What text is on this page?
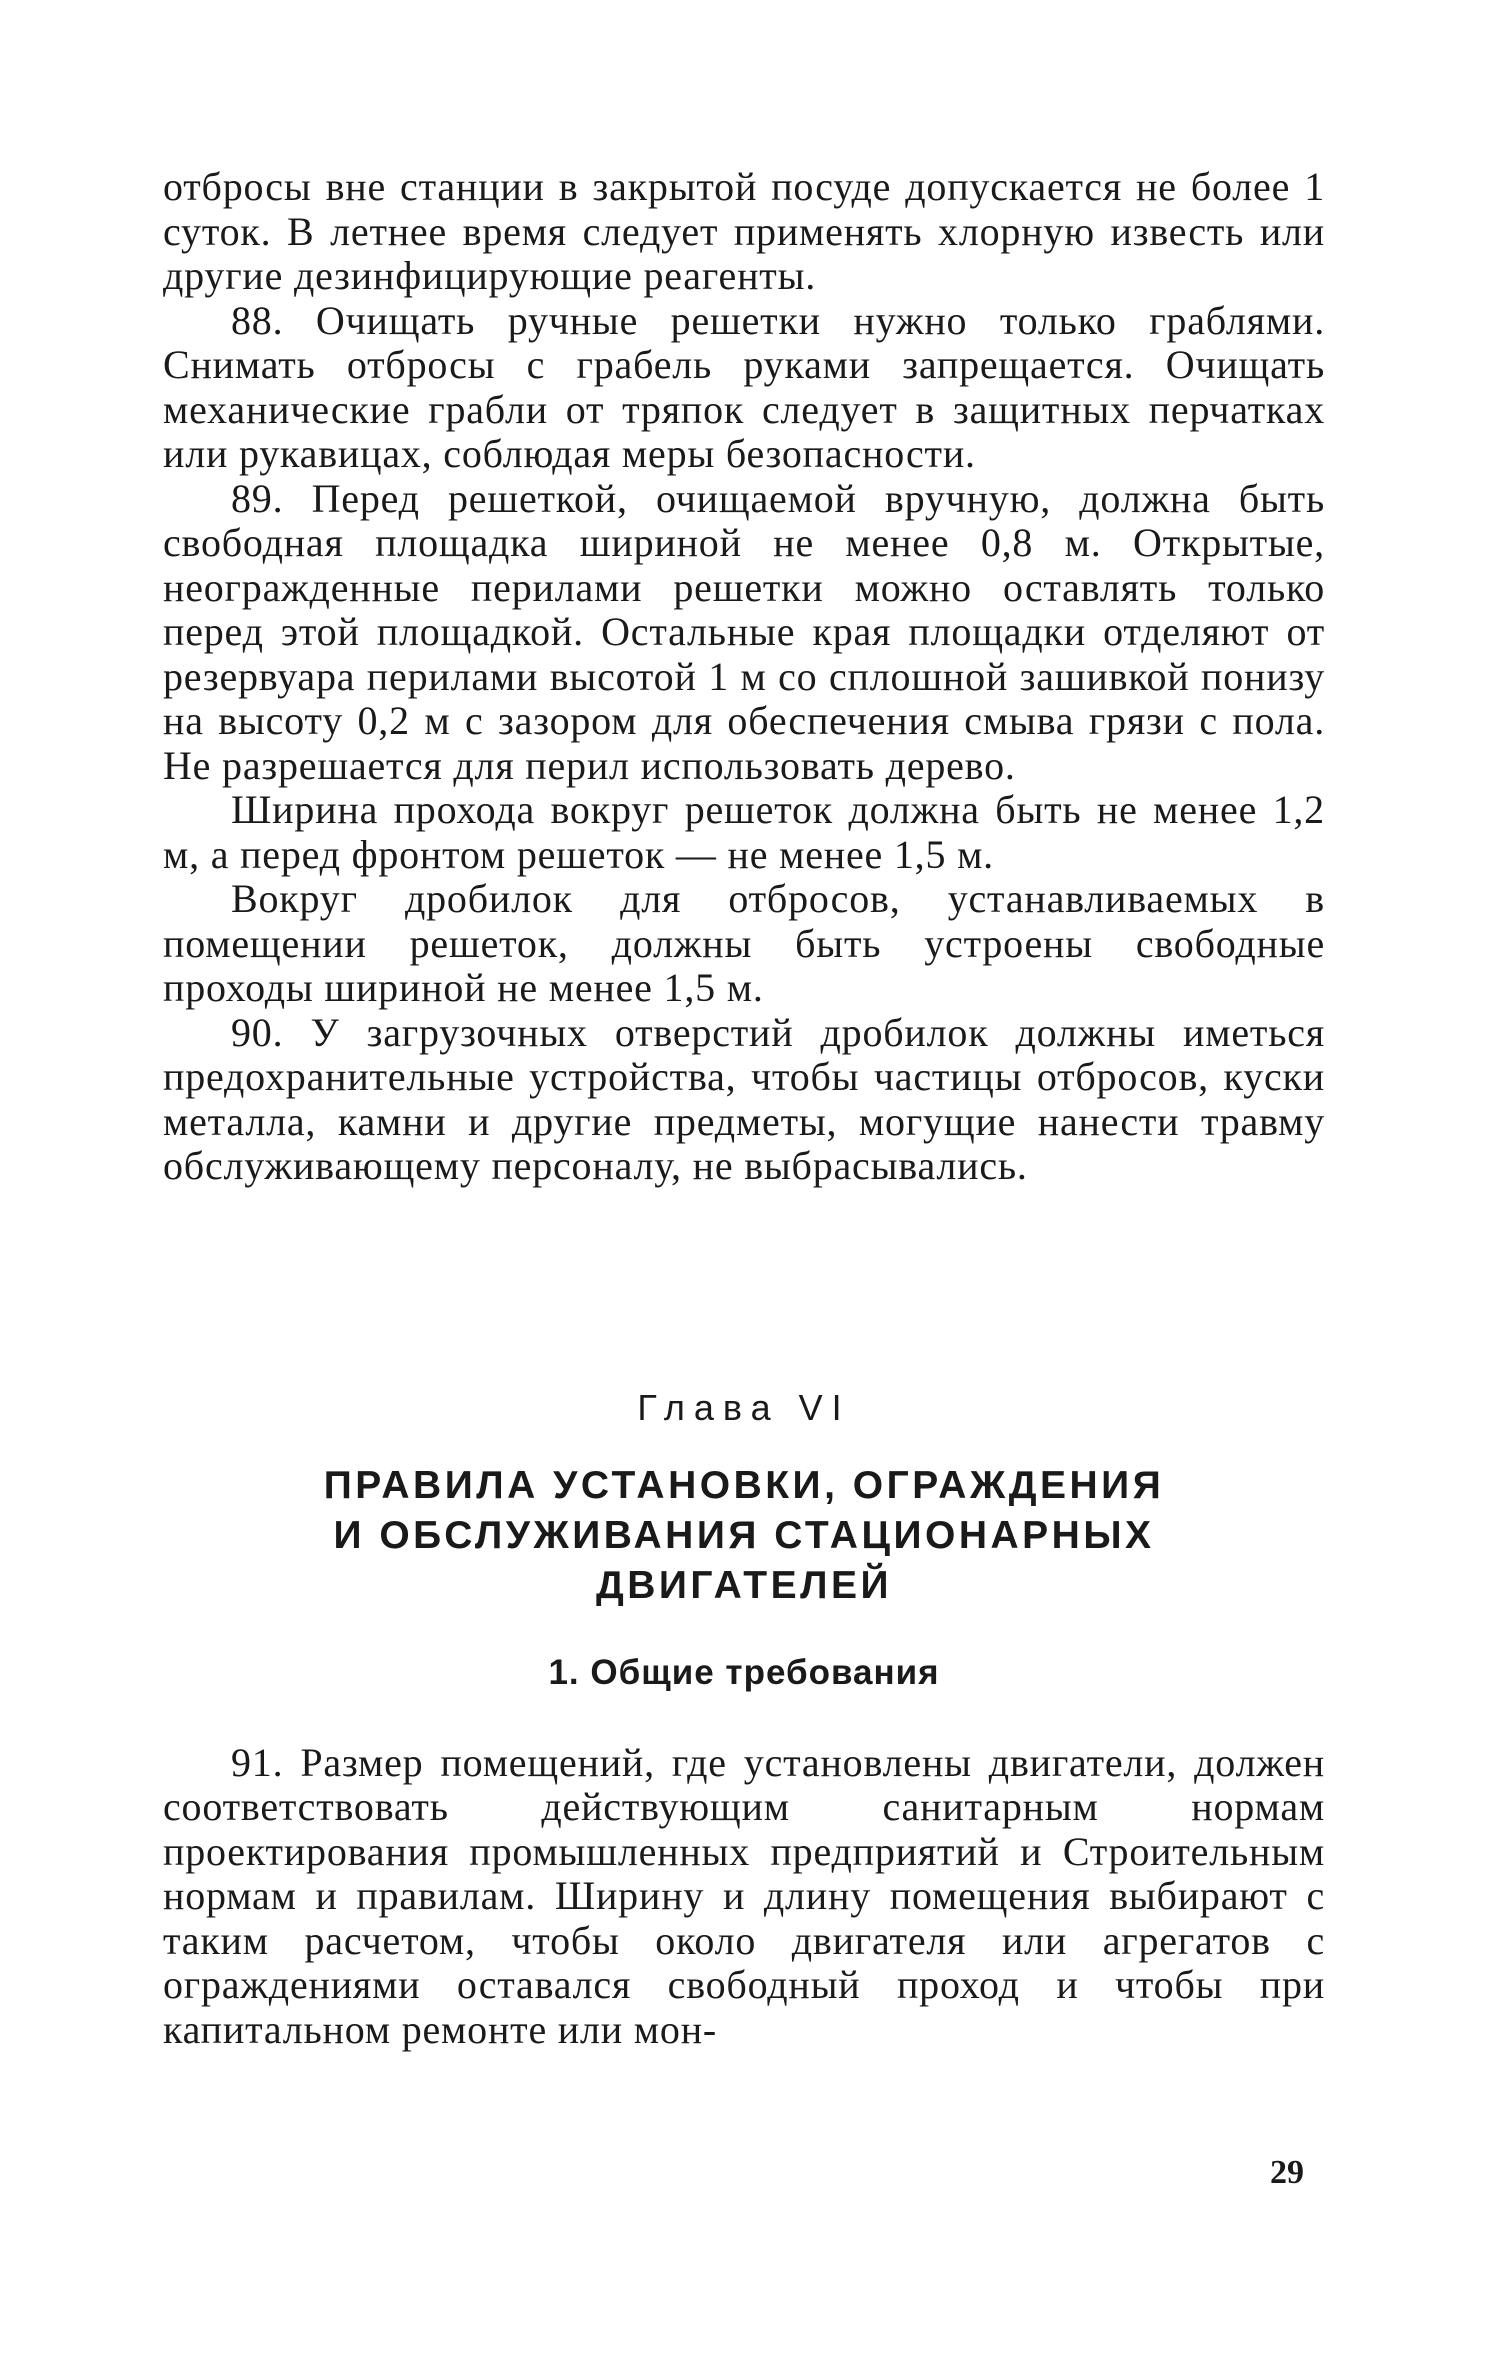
отбросы вне станции в закрытой посуде допускается не более 1 суток. В летнее время следует применять хлорную известь или другие дезинфицирующие реагенты.

88. Очищать ручные решетки нужно только граблями. Снимать отбросы с грабель руками запрещается. Очищать механические грабли от тряпок следует в защитных перчатках или рукавицах, соблюдая меры безопасности.

89. Перед решеткой, очищаемой вручную, должна быть свободная площадка шириной не менее 0,8 м. Открытые, неогражденные перилами решетки можно оставлять только перед этой площадкой. Остальные края площадки отделяют от резервуара перилами высотой 1 м со сплошной зашивкой понизу на высоту 0,2 м с зазором для обеспечения смыва грязи с пола. Не разрешается для перил использовать дерево.

Ширина прохода вокруг решеток должна быть не менее 1,2 м, а перед фронтом решеток — не менее 1,5 м.

Вокруг дробилок для отбросов, устанавливаемых в помещении решеток, должны быть устроены свободные проходы шириной не менее 1,5 м.

90. У загрузочных отверстий дробилок должны иметься предохранительные устройства, чтобы частицы отбросов, куски металла, камни и другие предметы, могущие нанести травму обслуживающему персоналу, не выбрасывались.

Глава VI

ПРАВИЛА УСТАНОВКИ, ОГРАЖДЕНИЯ
И ОБСЛУЖИВАНИЯ СТАЦИОНАРНЫХ
ДВИГАТЕЛЕЙ

1. Общие требования

91. Размер помещений, где установлены двигатели, должен соответствовать действующим санитарным нормам проектирования промышленных предприятий и Строительным нормам и правилам. Ширину и длину помещения выбирают с таким расчетом, чтобы около двигателя или агрегатов с ограждениями оставался свободный проход и чтобы при капитальном ремонте или мон-

29
